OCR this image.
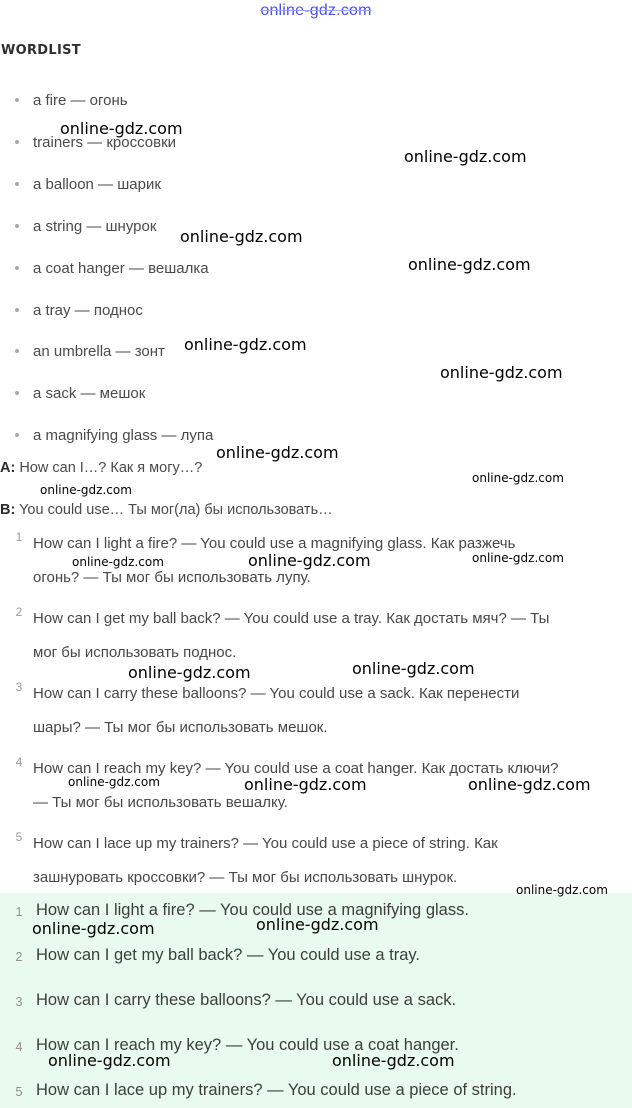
online-gdz.com
WORDLIST
a fire — огонь
trainers — кроссовки
a balloon — шарик
a string — шнурок
a coat hanger — вешалка
a tray — поднос
an umbrella — зонт
a sack — мешок
a magnifying glass — лупа
A: How can I…? Как я могу…?
B: You could use… Ты мог(ла) бы использовать…
1 How can I light a fire? — You could use a magnifying glass. Как разжечь
огонь? — Ты мог бы использовать лупу.
2 How can I get my ball back? — You could use a tray. Как достать мяч? — Ты
мог бы использовать поднос.
3 How can I carry these balloons? — You could use a sack. Как перенести
шары? — Ты мог бы использовать мешок.
4 How can I reach my key? — You could use a coat hanger. Как достать ключи?
— Ты мог бы использовать вешалку.
5 How can I lace up my trainers? — You could use a piece of string. Как
зашнуровать кроссовки? — Ты мог бы использовать шнурок.
1 How can I light a fire? — You could use a magnifying glass.
2 How can I get my ball back? — You could use a tray.
3 How can I carry these balloons? — You could use a sack.
4 How can I reach my key? — You could use a coat hanger.
5 How can I lace up my trainers? — You could use a piece of string.
online-gdz.com
online-gdz.com
online-gdz.com
online-gdz.com
online-gdz.com
online-gdz.com
online-gdz.com
online-gdz.com
online-gdz.com
online-gdz.com
online-gdz.com	online-gdz.com
online-gdz.com	online-gdz.com
online-gdz.com	online-gdz.com	online-gdz.com
online-gdz.com
online-gdz.com	online-gdz.com
online-gdz.com	online-gdz.com
